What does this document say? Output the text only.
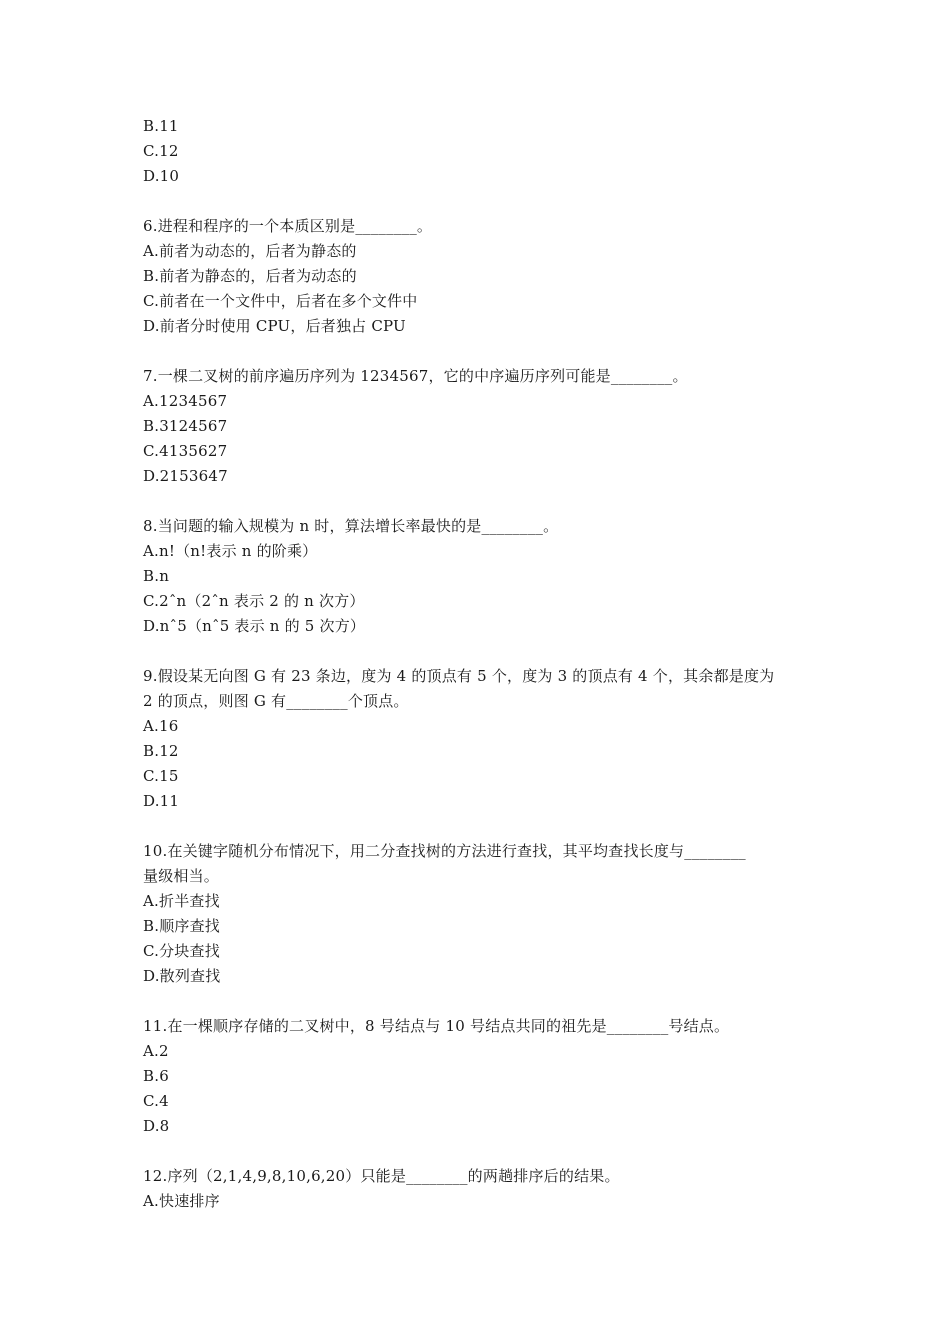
B.11
C.12
D.10
6.进程和程序的一个本质区别是________。
A.前者为动态的，后者为静态的
B.前者为静态的，后者为动态的
C.前者在一个文件中，后者在多个文件中
D.前者分时使用 CPU，后者独占 CPU
7.一棵二叉树的前序遍历序列为 1234567，它的中序遍历序列可能是________。
A.1234567
B.3124567
C.4135627
D.2153647
8.当问题的输入规模为 n 时，算法增长率最快的是________。
A.n!（n!表示 n 的阶乘）
B.n
C.2ˆn（2ˆn 表示 2 的 n 次方）
D.nˆ5（nˆ5 表示 n 的 5 次方）
9.假设某无向图 G 有 23 条边，度为 4 的顶点有 5 个，度为 3 的顶点有 4 个，其余都是度为
2 的顶点，则图 G 有________个顶点。
A.16
B.12
C.15
D.11
10.在关键字随机分布情况下，用二分查找树的方法进行查找，其平均查找长度与________
量级相当。
A.折半查找
B.顺序查找
C.分块查找
D.散列查找
11.在一棵顺序存储的二叉树中，8 号结点与 10 号结点共同的祖先是________号结点。
A.2
B.6
C.4
D.8
12.序列（2,1,4,9,8,10,6,20）只能是________的两趟排序后的结果。
A.快速排序
